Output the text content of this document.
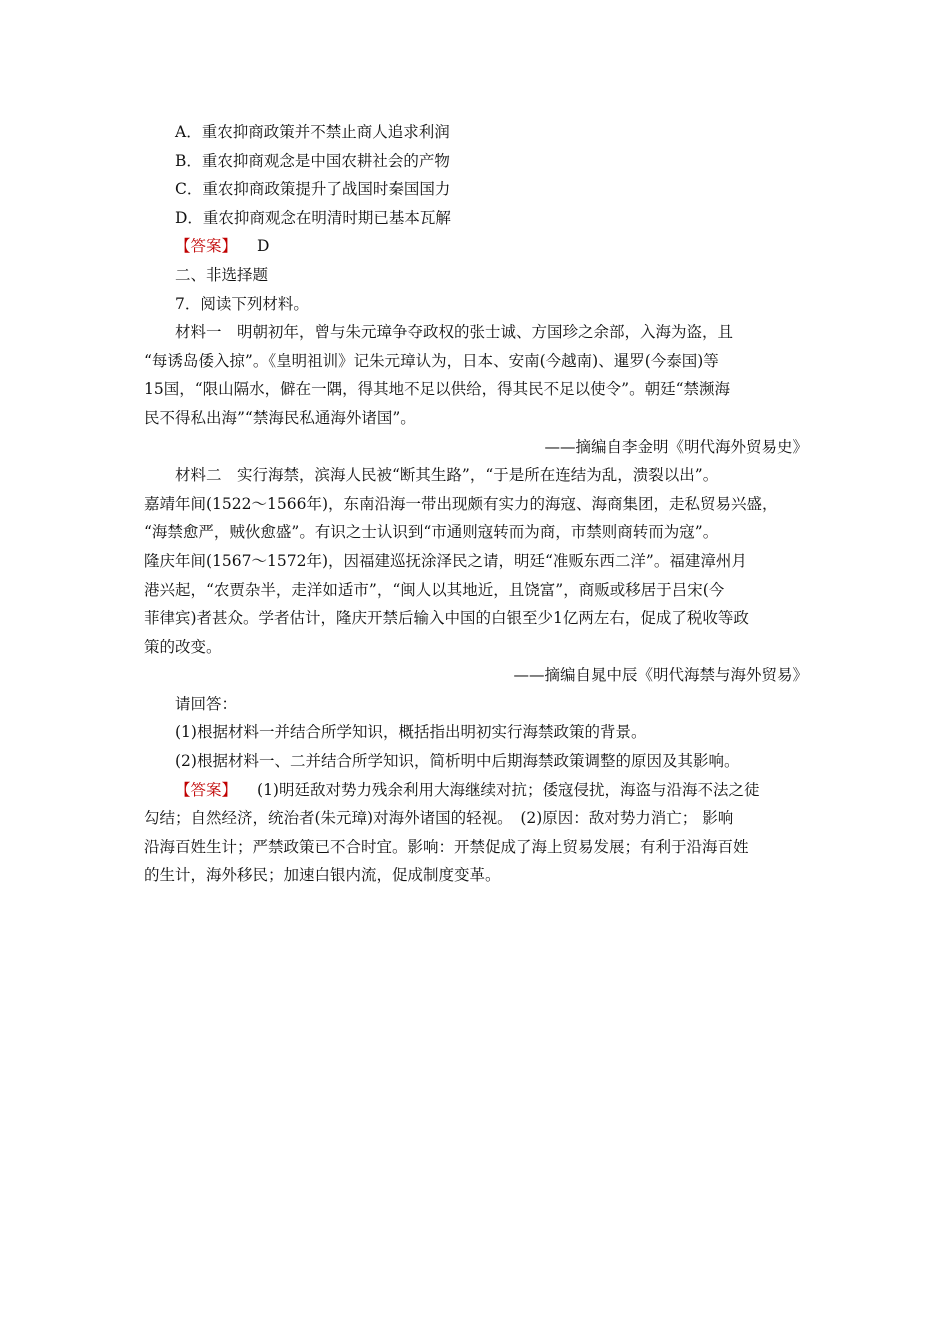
A．重农抑商政策并不禁止商人追求利润
B．重农抑商观念是中国农耕社会的产物
C．重农抑商政策提升了战国时秦国国力
D．重农抑商观念在明清时期已基本瓦解
【答案】 D
二、非选择题
7．阅读下列材料。
材料一　明朝初年，曾与朱元璋争夺政权的张士诚、方国珍之余部，入海为盗，且
“每诱岛倭入掠”。《皇明祖训》记朱元璋认为，日本、安南(今越南)、暹罗(今泰国)等
15国，“限山隔水，僻在一隅，得其地不足以供给，得其民不足以使令”。朝廷“禁濒海
民不得私出海”“禁海民私通海外诸国”。
——摘编自李金明《明代海外贸易史》
材料二　实行海禁，滨海人民被“断其生路”，“于是所在连结为乱，溃裂以出”。
嘉靖年间(1522～1566年)，东南沿海一带出现颇有实力的海寇、海商集团，走私贸易兴盛，
“海禁愈严，贼伙愈盛”。有识之士认识到“市通则寇转而为商，市禁则商转而为寇”。
隆庆年间(1567～1572年)，因福建巡抚涂泽民之请，明廷“准贩东西二洋”。福建漳州月
港兴起，“农贾杂半，走洋如适市”，“闽人以其地近，且饶富”，商贩或移居于吕宋(今
菲律宾)者甚众。学者估计，隆庆开禁后输入中国的白银至少1亿两左右，促成了税收等政
策的改变。
——摘编自晁中辰《明代海禁与海外贸易》
请回答：
(1)根据材料一并结合所学知识，概括指出明初实行海禁政策的背景。
(2)根据材料一、二并结合所学知识，简析明中后期海禁政策调整的原因及其影响。
【答案】 (1)明廷敌对势力残余利用大海继续对抗；倭寇侵扰，海盗与沿海不法之徒
勾结；自然经济，统治者(朱元璋)对海外诸国的轻视。　(2)原因：敌对势力消亡； 影响
沿海百姓生计；严禁政策已不合时宜。影响：开禁促成了海上贸易发展；有利于沿海百姓
的生计，海外移民；加速白银内流，促成制度变革。
